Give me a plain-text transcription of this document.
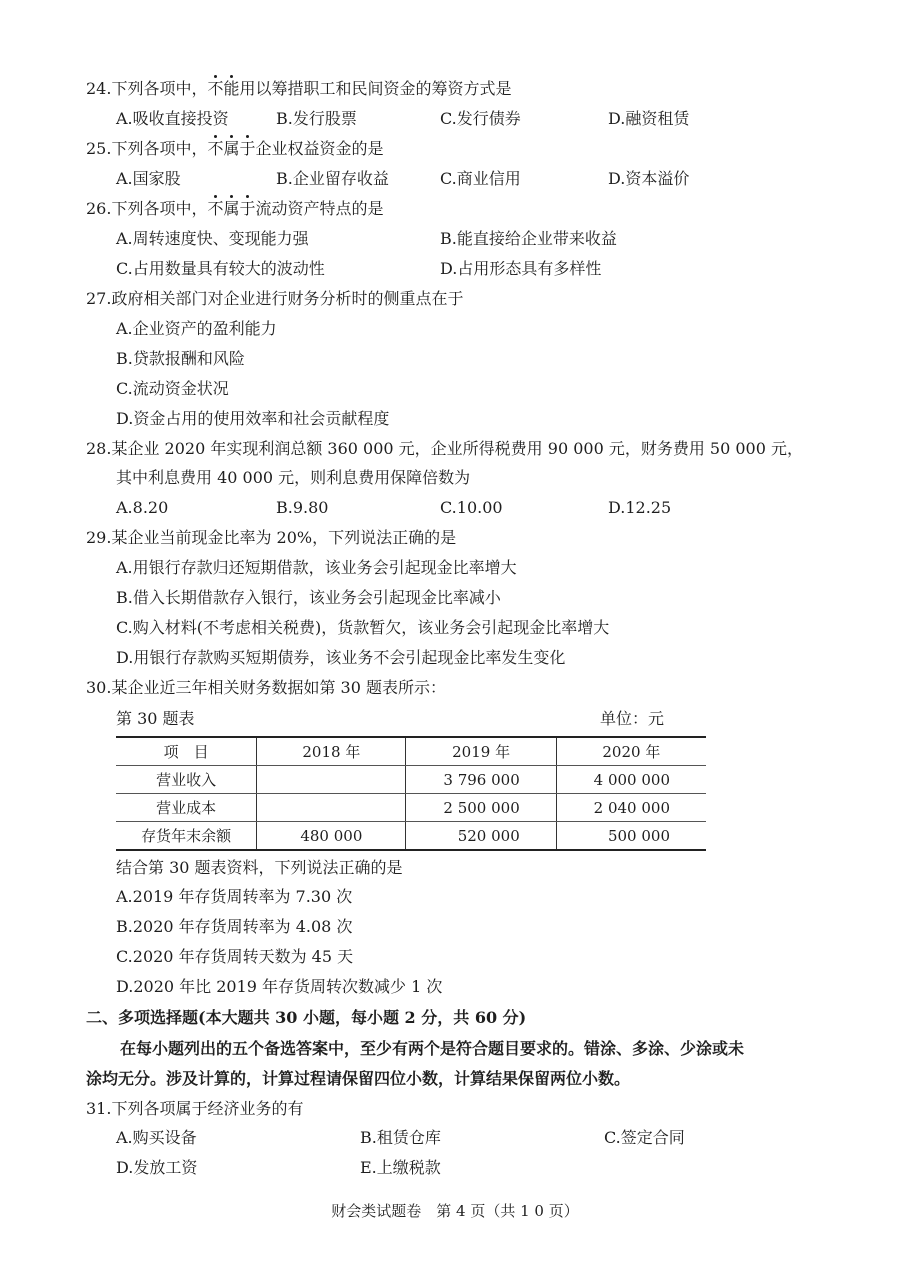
24.下列各项中，不能用以筹措职工和民间资金的筹资方式是
A.吸收直接投资	B.发行股票	C.发行债券	D.融资租赁
25.下列各项中，不属于企业权益资金的是
A.国家股	B.企业留存收益	C.商业信用	D.资本溢价
26.下列各项中，不属于流动资产特点的是
A.周转速度快、变现能力强	B.能直接给企业带来收益
C.占用数量具有较大的波动性	D.占用形态具有多样性
27.政府相关部门对企业进行财务分析时的侧重点在于
A.企业资产的盈利能力
B.贷款报酬和风险
C.流动资金状况
D.资金占用的使用效率和社会贡献程度
28.某企业 2020 年实现利润总额 360 000 元，企业所得税费用 90 000 元，财务费用 50 000 元，
其中利息费用 40 000 元，则利息费用保障倍数为
A.8.20	B.9.80	C.10.00	D.12.25
29.某企业当前现金比率为 20%，下列说法正确的是
A.用银行存款归还短期借款，该业务会引起现金比率增大
B.借入长期借款存入银行，该业务会引起现金比率减小
C.购入材料(不考虑相关税费)，货款暂欠，该业务会引起现金比率增大
D.用银行存款购买短期债券，该业务不会引起现金比率发生变化
30.某企业近三年相关财务数据如第 30 题表所示：
第 30 题表	单位：元
项　目	2018 年	2019 年	2020 年
营业收入		3 796 000	4 000 000
营业成本		2 500 000	2 040 000
存货年末余额	480 000	520 000	500 000
结合第 30 题表资料，下列说法正确的是
A.2019 年存货周转率为 7.30 次
B.2020 年存货周转率为 4.08 次
C.2020 年存货周转天数为 45 天
D.2020 年比 2019 年存货周转次数减少 1 次
二、多项选择题(本大题共 30 小题，每小题 2 分，共 60 分)
在每小题列出的五个备选答案中，至少有两个是符合题目要求的。错涂、多涂、少涂或未
涂均无分。涉及计算的，计算过程请保留四位小数，计算结果保留两位小数。
31.下列各项属于经济业务的有
A.购买设备	B.租赁仓库	C.签定合同
D.发放工资	E.上缴税款
财会类试题卷　第 4 页（共 1 0 页）
